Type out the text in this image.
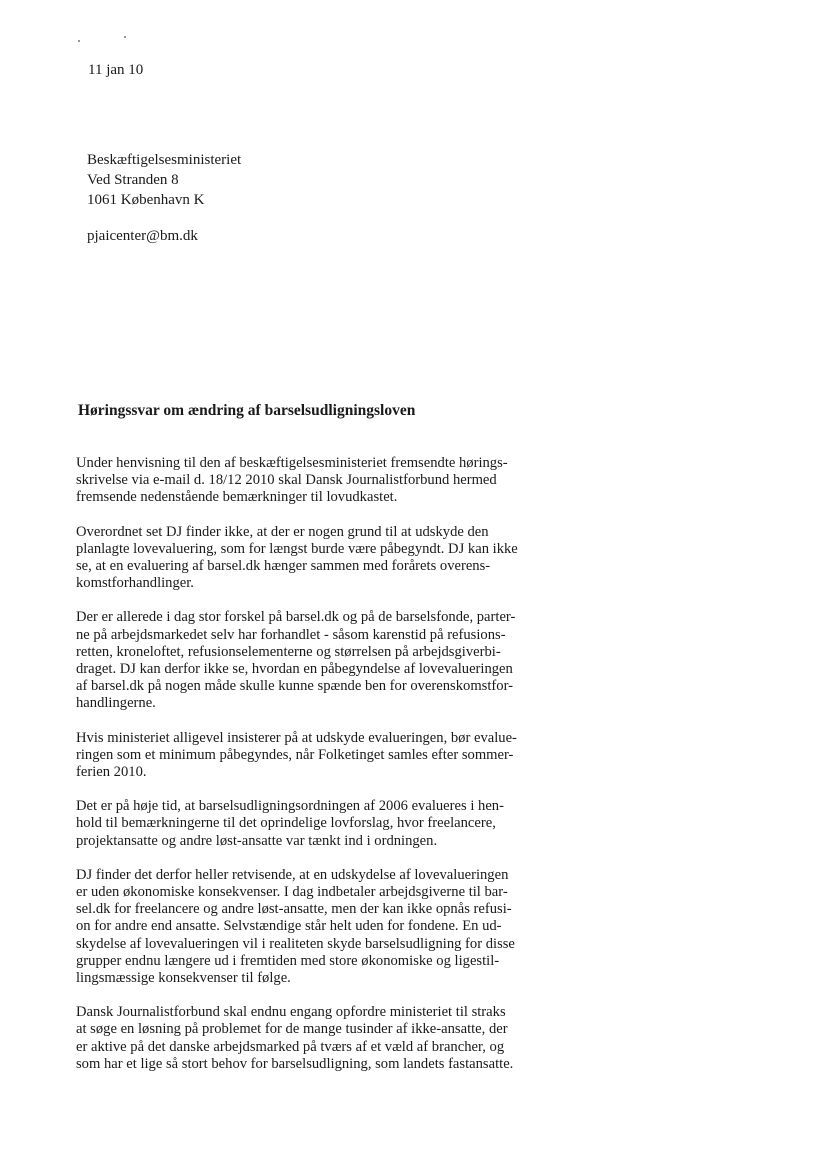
11 jan 10
Beskæftigelsesministeriet
Ved Stranden 8
1061 København K
pjaicenter@bm.dk
Høringssvar om ændring af barselsudligningsloven

Under henvisning til den af beskæftigelsesministeriet fremsendte hørings-
skrivelse via e-mail d. 18/12 2010 skal Dansk Journalistforbund hermed
fremsende nedenstående bemærkninger til lovudkastet.

Overordnet set DJ finder ikke, at der er nogen grund til at udskyde den
planlagte lovevaluering, som for længst burde være påbegyndt. DJ kan ikke
se, at en evaluering af barsel.dk hænger sammen med forårets overens-
komstforhandlinger.

Der er allerede i dag stor forskel på barsel.dk og på de barselsfonde, parter-
ne på arbejdsmarkedet selv har forhandlet - såsom karenstid på refusions-
retten, kroneloftet, refusionselementerne og størrelsen på arbejdsgiverbi-
draget. DJ kan derfor ikke se, hvordan en påbegyndelse af lovevalueringen
af barsel.dk på nogen måde skulle kunne spænde ben for overenskomstfor-
handlingerne.

Hvis ministeriet alligevel insisterer på at udskyde evalueringen, bør evalue-
ringen som et minimum påbegyndes, når Folketinget samles efter sommer-
ferien 2010.

Det er på høje tid, at barselsudligningsordningen af 2006 evalueres i hen-
hold til bemærkningerne til det oprindelige lovforslag, hvor freelancere,
projektansatte og andre løst-ansatte var tænkt ind i ordningen.

DJ finder det derfor heller retvisende, at en udskydelse af lovevalueringen
er uden økonomiske konsekvenser. I dag indbetaler arbejdsgiverne til bar-
sel.dk for freelancere og andre løst-ansatte, men der kan ikke opnås refusi-
on for andre end ansatte. Selvstændige står helt uden for fondene. En ud-
skydelse af lovevalueringen vil i realiteten skyde barselsudligning for disse
grupper endnu længere ud i fremtiden med store økonomiske og ligestil-
lingsmæssige konsekvenser til følge.

Dansk Journalistforbund skal endnu engang opfordre ministeriet til straks
at søge en løsning på problemet for de mange tusinder af ikke-ansatte, der
er aktive på det danske arbejdsmarked på tværs af et væld af brancher, og
som har et lige så stort behov for barselsudligning, som landets fastansatte.
